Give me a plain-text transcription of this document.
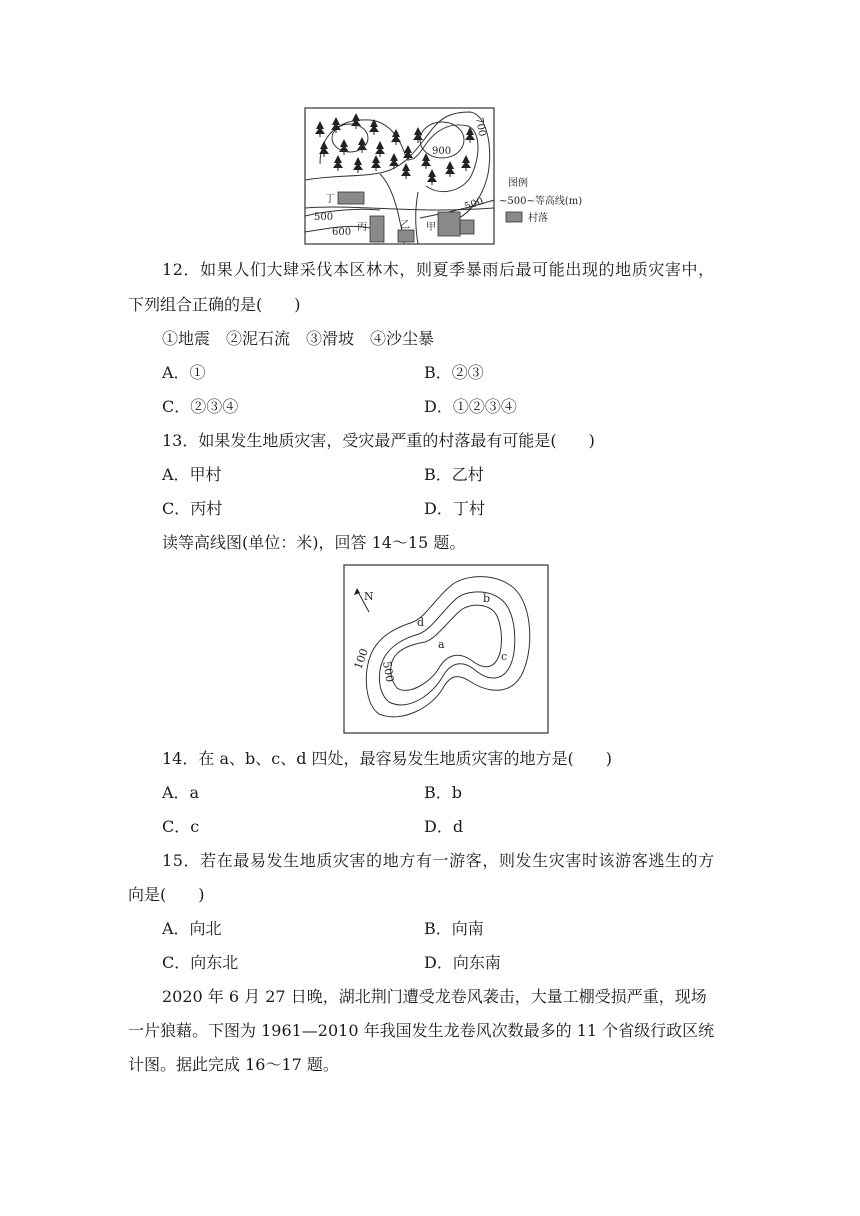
700
900
500
500
600
丁
丙	乙 甲
图例
~500~等高线(m)
村落
12．如果人们大肆采伐本区林木，则夏季暴雨后最可能出现的地质灾害中，
下列组合正确的是(　　)
①地震　②泥石流　③滑坡　④沙尘暴
A．①	B．②③
C．②③④	D．①②③④
13．如果发生地质灾害，受灾最严重的村落最有可能是(　　)
A．甲村	B．乙村
C．丙村	D．丁村
读等高线图(单位：米)，回答 14～15 题。
N
100
500
a
b
c
d
14．在 a、b、c、d 四处，最容易发生地质灾害的地方是(　　)
A．a	B．b
C．c	D．d
15．若在最易发生地质灾害的地方有一游客，则发生灾害时该游客逃生的方
向是(　　)
A．向北	B．向南
C．向东北	D．向东南
2020 年 6 月 27 日晚，湖北荆门遭受龙卷风袭击，大量工棚受损严重，现场
一片狼藉。下图为 1961—2010 年我国发生龙卷风次数最多的 11 个省级行政区统
计图。据此完成 16～17 题。
